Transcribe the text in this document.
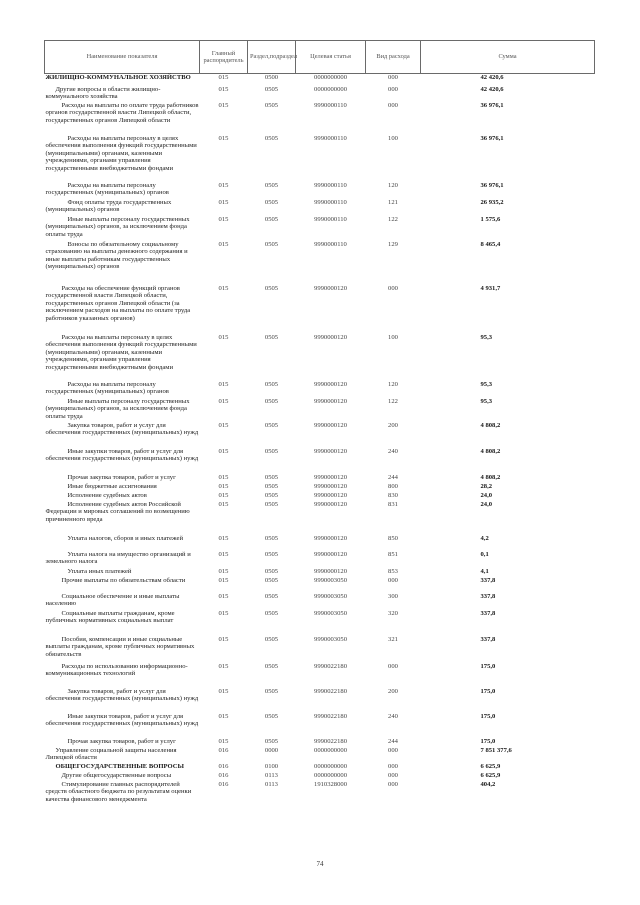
Наименование показателя	Главный распорядитель	Раздел,подраздел	Целевая статья	Вид расхода	Сумма
ЖИЛИЩНО-КОММУНАЛЬНОЕ ХОЗЯЙСТВО	015	0500	0000000000	000	42 420,6
Другие вопросы в области жилищно-коммунального хозяйства	015	0505	0000000000	000	42 420,6
Расходы на выплаты по оплате труда работников органов государственной власти Липецкой области, государственных органов Липецкой области	015	0505	9990000110	000	36 976,1
Расходы на выплаты персоналу в целях обеспечения выполнения функций государственными (муниципальными) органами, казенными учреждениями, органами управления государственными внебюджетными фондами	015	0505	9990000110	100	36 976,1
Расходы на выплаты персоналу государственных (муниципальных) органов	015	0505	9990000110	120	36 976,1
Фонд оплаты труда государственных (муниципальных) органов	015	0505	9990000110	121	26 935,2
Иные выплаты персоналу государственных (муниципальных) органов, за исключением фонда оплаты труда	015	0505	9990000110	122	1 575,6
Взносы по обязательному социальному страхованию на выплаты денежного содержания и иные выплаты работникам государственных (муниципальных) органов	015	0505	9990000110	129	8 465,4
Расходы на обеспечение функций органов государственной власти Липецкой области, государственных органов Липецкой области (за исключением расходов на выплаты по оплате труда работников указанных органов)	015	0505	9990000120	000	4 931,7
Расходы на выплаты персоналу в целях обеспечения выполнения функций государственными (муниципальными) органами, казенными учреждениями, органами управления государственными внебюджетными фондами	015	0505	9990000120	100	95,3
Расходы на выплаты персоналу государственных (муниципальных) органов	015	0505	9990000120	120	95,3
Иные выплаты персоналу государственных (муниципальных) органов, за исключением фонда оплаты труда	015	0505	9990000120	122	95,3
Закупка товаров, работ и услуг для обеспечения государственных (муниципальных) нужд	015	0505	9990000120	200	4 808,2
Иные закупки товаров, работ и услуг для обеспечения государственных (муниципальных) нужд	015	0505	9990000120	240	4 808,2
Прочая закупка товаров, работ и услуг	015	0505	9990000120	244	4 808,2
Иные бюджетные ассигнования	015	0505	9990000120	800	28,2
Исполнение судебных актов	015	0505	9990000120	830	24,0
Исполнение судебных актов Российской Федерации и мировых соглашений по возмещению причиненного вреда	015	0505	9990000120	831	24,0
Уплата налогов, сборов и иных платежей	015	0505	9990000120	850	4,2
Уплата налога на имущество организаций и земельного налога	015	0505	9990000120	851	0,1
Уплата иных платежей	015	0505	9990000120	853	4,1
Прочие выплаты по обязательствам области	015	0505	9990003050	000	337,8
Социальное обеспечение и иные выплаты населению	015	0505	9990003050	300	337,8
Социальные выплаты гражданам, кроме публичных нормативных социальных выплат	015	0505	9990003050	320	337,8
Пособия, компенсации и иные социальные выплаты гражданам, кроме публичных нормативных обязательств	015	0505	9990003050	321	337,8
Расходы по использованию информационно-коммуникационных технологий	015	0505	9990022180	000	175,0
Закупка товаров, работ и услуг для обеспечения государственных (муниципальных) нужд	015	0505	9990022180	200	175,0
Иные закупки товаров, работ и услуг для обеспечения государственных (муниципальных) нужд	015	0505	9990022180	240	175,0
Прочая закупка товаров, работ и услуг	015	0505	9990022180	244	175,0
Управление социальной защиты населения Липецкой области	016	0000	0000000000	000	7 851 377,6
ОБЩЕГОСУДАРСТВЕННЫЕ ВОПРОСЫ	016	0100	0000000000	000	6 625,9
Другие общегосударственные вопросы	016	0113	0000000000	000	6 625,9
Стимулирование главных распорядителей средств областного бюджета по результатам оценки качества финансового менеджмента	016	0113	1910328000	000	404,2
74
